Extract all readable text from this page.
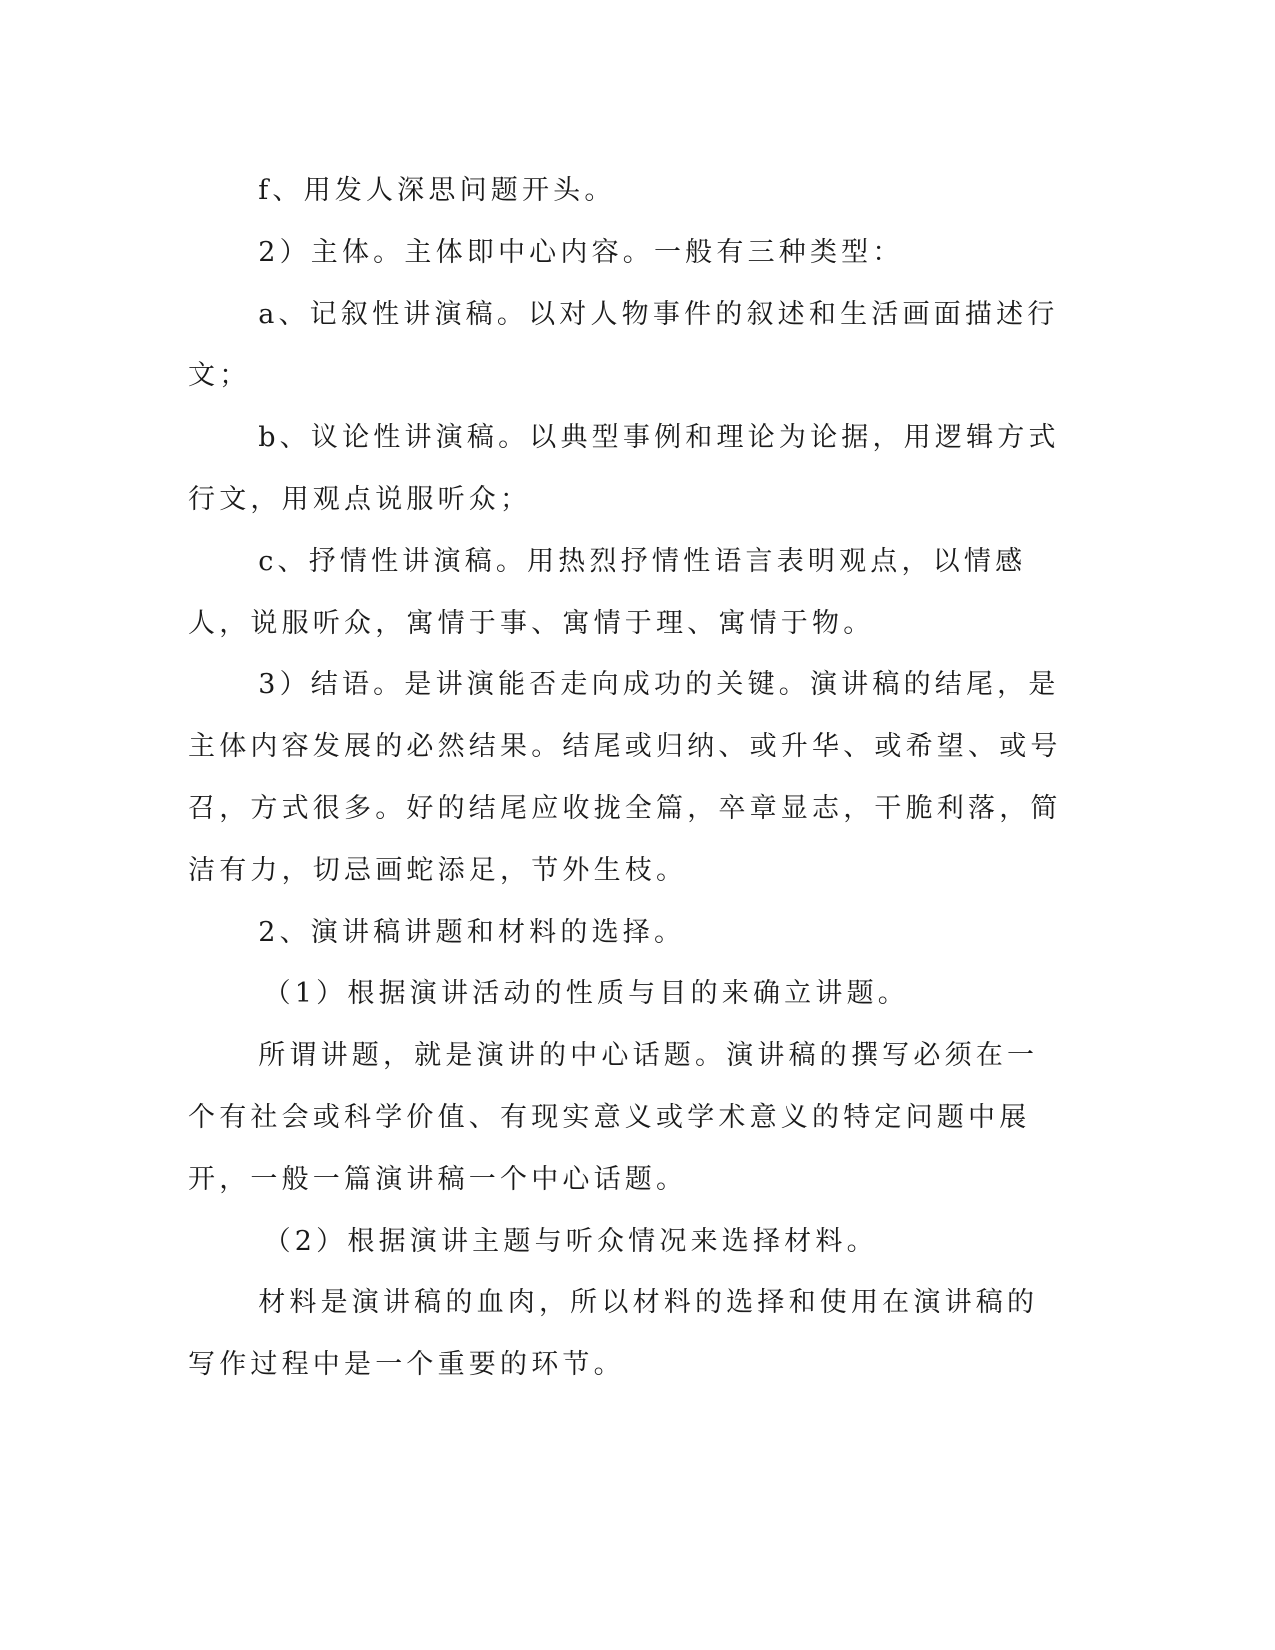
f、用发人深思问题开头。

2）主体。主体即中心内容。一般有三种类型：

a、记叙性讲演稿。以对人物事件的叙述和生活画面描述行文；

b、议论性讲演稿。以典型事例和理论为论据，用逻辑方式行文，用观点说服听众；

c、抒情性讲演稿。用热烈抒情性语言表明观点，以情感人，说服听众，寓情于事、寓情于理、寓情于物。

3）结语。是讲演能否走向成功的关键。演讲稿的结尾，是主体内容发展的必然结果。结尾或归纳、或升华、或希望、或号召，方式很多。好的结尾应收拢全篇，卒章显志，干脆利落，简洁有力，切忌画蛇添足，节外生枝。

2、演讲稿讲题和材料的选择。

（1）根据演讲活动的性质与目的来确立讲题。

所谓讲题，就是演讲的中心话题。演讲稿的撰写必须在一个有社会或科学价值、有现实意义或学术意义的特定问题中展开，一般一篇演讲稿一个中心话题。

（2）根据演讲主题与听众情况来选择材料。

材料是演讲稿的血肉，所以材料的选择和使用在演讲稿的写作过程中是一个重要的环节。
